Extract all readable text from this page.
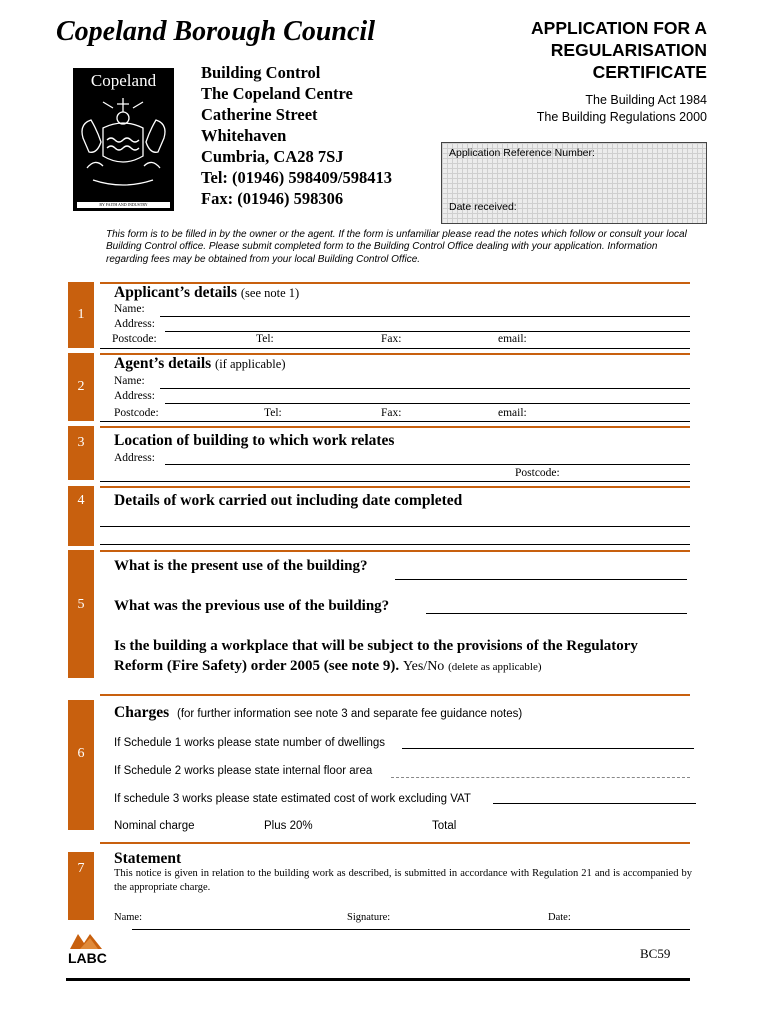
Copeland Borough Council	APPLICATION FOR A
REGULARISATION
CERTIFICATE
The Building Act 1984
The Building Regulations 2000
Copeland
BY FAITH AND INDUSTRY
Building Control
The Copeland Centre
Catherine Street
Whitehaven
Cumbria, CA28 7SJ
Tel: (01946) 598409/598413
Fax: (01946) 598306
Application Reference Number:
Date received:
This form is to be filled in by the owner or the agent. If the form is unfamiliar please read the notes which follow or consult your local Building Control office. Please submit completed form to the Building Control Office dealing with your application. Information regarding fees may be obtained from your local Building Control Office.
1
Applicant’s details (see note 1)
Name:
Address:
Postcode:	Tel:	Fax:	email:
2
Agent’s details (if applicable)
Name:
Address:
Postcode:	Tel:	Fax:	email:
3	Location of building to which work relates
Address:
Postcode:
4	Details of work carried out including date completed
5
What is the present use of the building?
What was the previous use of the building?
Is the building a workplace that will be subject to the provisions of the Regulatory
Reform (Fire Safety) order 2005 (see note 9). Yes/No (delete as applicable)
6
Charges (for further information see note 3 and separate fee guidance notes)
If Schedule 1 works please state number of dwellings
If Schedule 2 works please state internal floor area
If schedule 3 works please state estimated cost of work excluding VAT
Nominal charge	Plus 20%	Total
7
Statement
This notice is given in relation to the building work as described, is submitted in accordance with Regulation 21 and is accompanied by the appropriate charge.
Name:	Signature:	Date:
LABC	BC59
